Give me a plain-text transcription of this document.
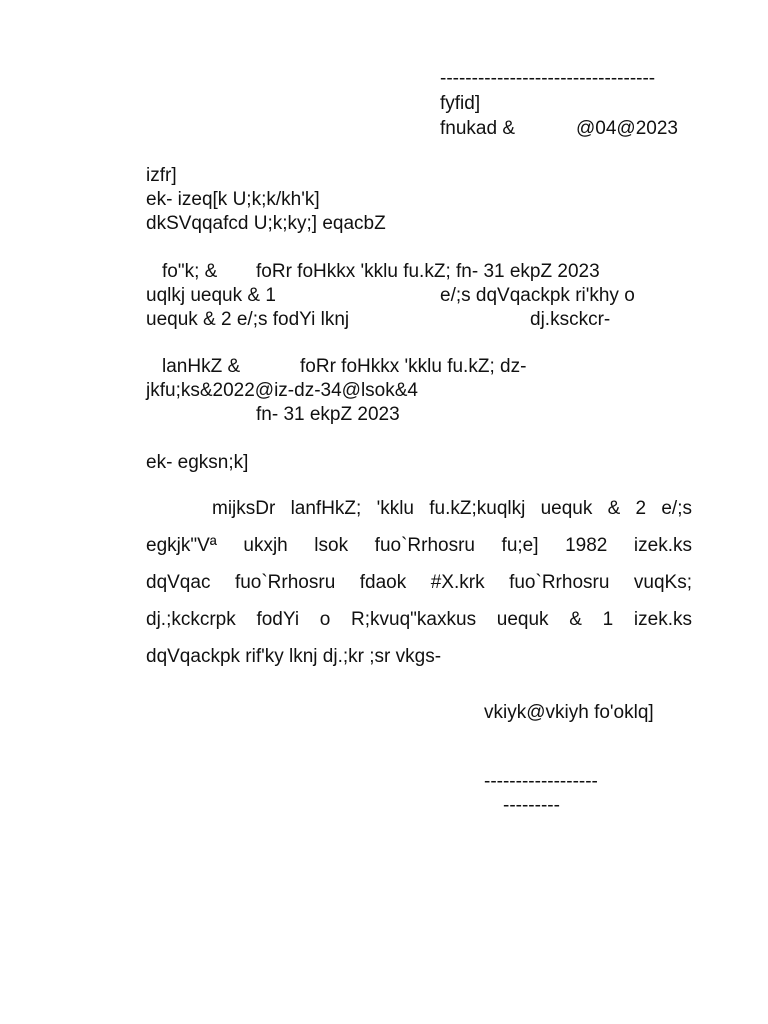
----------------------------------
fyfid]
fnukad &	@04@2023
izfr]
ek- izeq[k U;k;k/kh'k]
dkSVqqafcd U;k;ky;] eqacbZ
fo"k; & foRr foHkkx 'kklu fu.kZ; fn- 31 ekpZ 2023
uqlkj uequk & 1	e/;s dqVqackpk ri'khy o
uequk & 2 e/;s fodYi lknj	dj.ksckcr-
lanHkZ &	foRr foHkkx 'kklu fu.kZ; dz-
jkfu;ks&2022@iz-dz-34@lsok&4
fn- 31 ekpZ 2023
ek- egksn;k]
mijksDr lanfHkZ; 'kklu fu.kZ;kuqlkj uequk & 2 e/;s
egkjk"Vª ukxjh lsok fuo`Rrhosru fu;e] 1982 izek.ks
dqVqac fuo`Rrhosru fdaok #X.krk fuo`Rrhosru vuqKs;
dj.;kckcrpk fodYi o R;kvuq"kaxkus uequk & 1 izek.ks
dqVqackpk rif'ky lknj dj.;kr ;sr vkgs-
vkiyk@vkiyh fo'oklq]
------------------
---------
